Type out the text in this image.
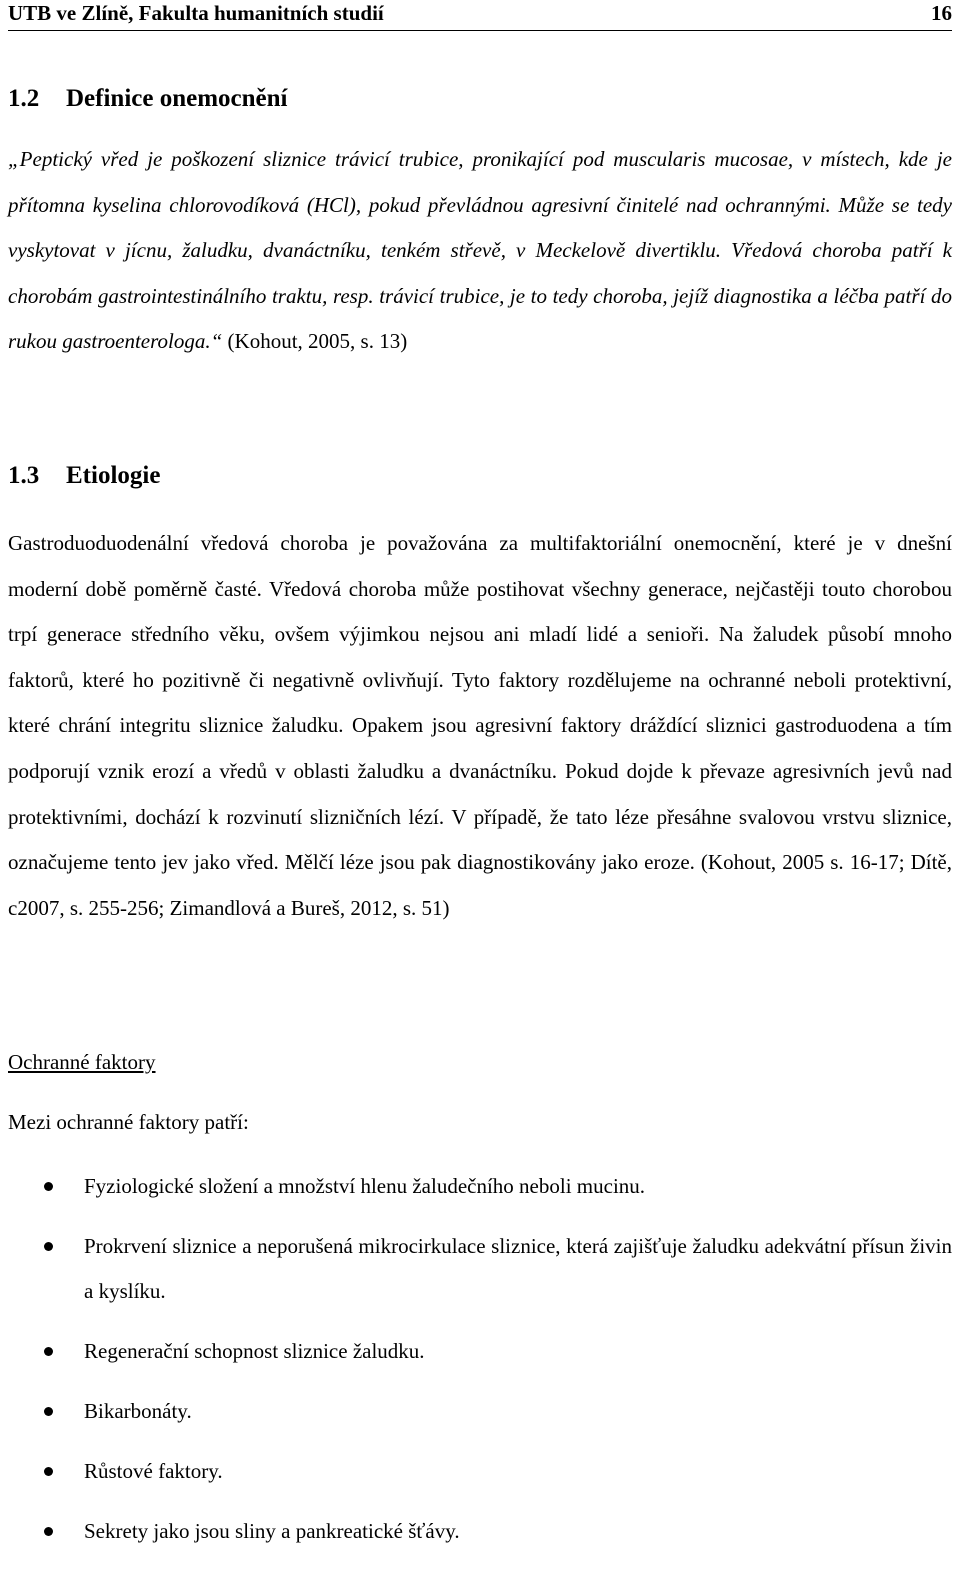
UTB ve Zlíně, Fakulta humanitních studií	16
1.2 Definice onemocnění

„Peptický vřed je poškození sliznice trávicí trubice, pronikající pod muscularis mucosae, v místech, kde je přítomna kyselina chlorovodíková (HCl), pokud převládnou agresivní činitelé nad ochrannými. Může se tedy vyskytovat v jícnu, žaludku, dvanáctníku, tenkém střevě, v Meckelově divertiklu. Vředová choroba patří k chorobám gastrointestinálního traktu, resp. trávicí trubice, je to tedy choroba, jejíž diagnostika a léčba patří do rukou gastroenterologa.“ (Kohout, 2005, s. 13)

1.3 Etiologie

Gastroduoduodenální vředová choroba je považována za multifaktoriální onemocnění, které je v dnešní moderní době poměrně časté. Vředová choroba může postihovat všechny generace, nejčastěji touto chorobou trpí generace středního věku, ovšem výjimkou nejsou ani mladí lidé a senioři. Na žaludek působí mnoho faktorů, které ho pozitivně či negativně ovlivňují. Tyto faktory rozdělujeme na ochranné neboli protektivní, které chrání integritu sliznice žaludku. Opakem jsou agresivní faktory dráždící sliznici gastroduodena a tím podporují vznik erozí a vředů v oblasti žaludku a dvanáctníku. Pokud dojde k převaze agresivních jevů nad protektivními, dochází k rozvinutí slizničních lézí. V případě, že tato léze přesáhne svalovou vrstvu sliznice, označujeme tento jev jako vřed. Mělčí léze jsou pak diagnostikovány jako eroze. (Kohout, 2005 s. 16-17; Dítě, c2007, s. 255-256; Zimandlová a Bureš, 2012, s. 51)

Ochranné faktory

Mezi ochranné faktory patří:

Fyziologické složení a množství hlenu žaludečního neboli mucinu.
Prokrvení sliznice a neporušená mikrocirkulace sliznice, která zajišťuje žaludku adekvátní přísun živin a kyslíku.
Regenerační schopnost sliznice žaludku.
Bikarbonáty.
Růstové faktory.
Sekrety jako jsou sliny a pankreatické šťávy.
